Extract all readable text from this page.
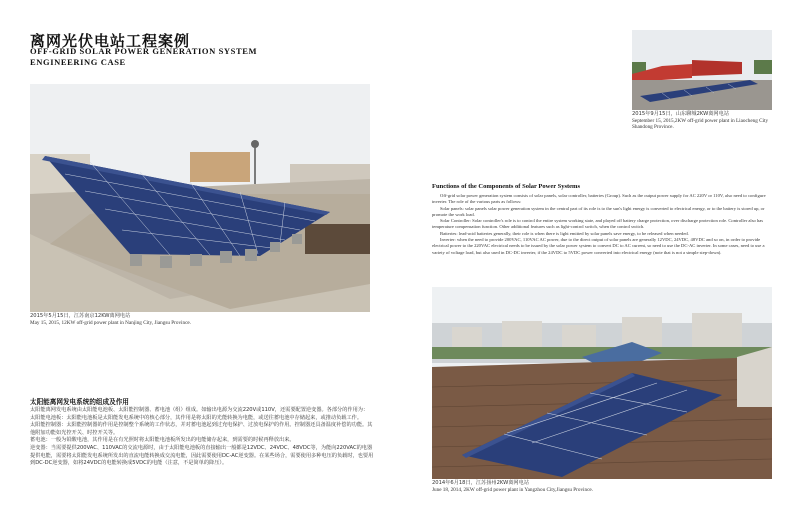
离网光伏电站工程案例
OFF-GRID SOLAR POWER GENERATION SYSTEM
ENGINEERING CASE
2015年5月15日，江苏南京12KW离网电站
May 15, 2015, 12KW off-grid power plant in Nanjing City, Jiangsu Province.
2015年9月15日，山东聊城2KW离网电站
September 15, 2015,2KW off-grid power plant in Liaocheng City
Shandong Province.
Functions of the Components of Solar Power Systems

Off-grid solar power generation system consists of solar panels, solar controller, batteries (Group). Such as the output power supply for AC 220V or 110V, also need to configure inverter. The role of the various parts as follows:

Solar panels: solar panels solar power generation system in the central part of its role is to the sun's light energy is converted to electrical energy, or to the battery is stored up, or promote the work load.

Solar Controller: Solar controller's role is to control the entire system working state, and played off battery charge protection, over discharge protection role. Controller also has temperature compensation function. Other additional features such as light-control switch, when the control switch.

Batteries: lead-acid batteries generally, their role is when there is light emitted by solar panels save energy, to be released when needed.

Inverter: when the need to provide 200VAC, 110VAC AC power, due to the direct output of solar panels are generally 12VDC, 24VDC, 48VDC and so on, in order to provide electrical power to the 220VAC electrical needs to be issued by the solar power system to convert DC to AC current, so need to use the DC-AC inverter. In some cases, need to use a variety of voltage load, but also used in DC-DC inverter, if the 24VDC to 5VDC power converted into electrical energy (note that is not a simple step-down).

2014年6月18日，江苏扬州2KW离网电站
June 18, 2014, 2KW off-grid power plant in Yangzhou City,Jiangsu Province.
太阳能离网发电系统的组成及作用

太阳能离网发电系统由太阳能电池板、太阳能控制器、蓄电池（组）组成。如输出电源为交流220V或110V，还需要配置逆变器。各部分的作用为：

太阳能电池板：太阳能电池板是太阳能发电系统中的核心部分，其作用是将太阳的光能转换为电能，或送往蓄电池中存储起来，或推动负载工作。

太阳能控制器：太阳能控制器的作用是控制整个系统的工作状态，并对蓄电池起到过充电保护、过放电保护的作用。控制器还具备温度补偿的功能。其他附加功能如光控开关、时控开关等。

蓄电池：一般为铅酸电池，其作用是在有光照时将太阳能电池板所发出的电能储存起来，到需要的时候再释放出来。

逆变器：当需要提供200VAC、110VAC的交流电源时，由于太阳能电池板的直接输出一般都是12VDC、24VDC、48VDC等，为能向220VAC的电器提供电能，需要将太阳能发电系统所发出的直流电能转换成交流电能，因此需要使用DC-AC逆变器。在某些场合，需要使用多种电压的负载时，也要用到DC-DC逆变器，如将24VDC的电能转换成5VDC的电能（注意，不是简单的降压）。
